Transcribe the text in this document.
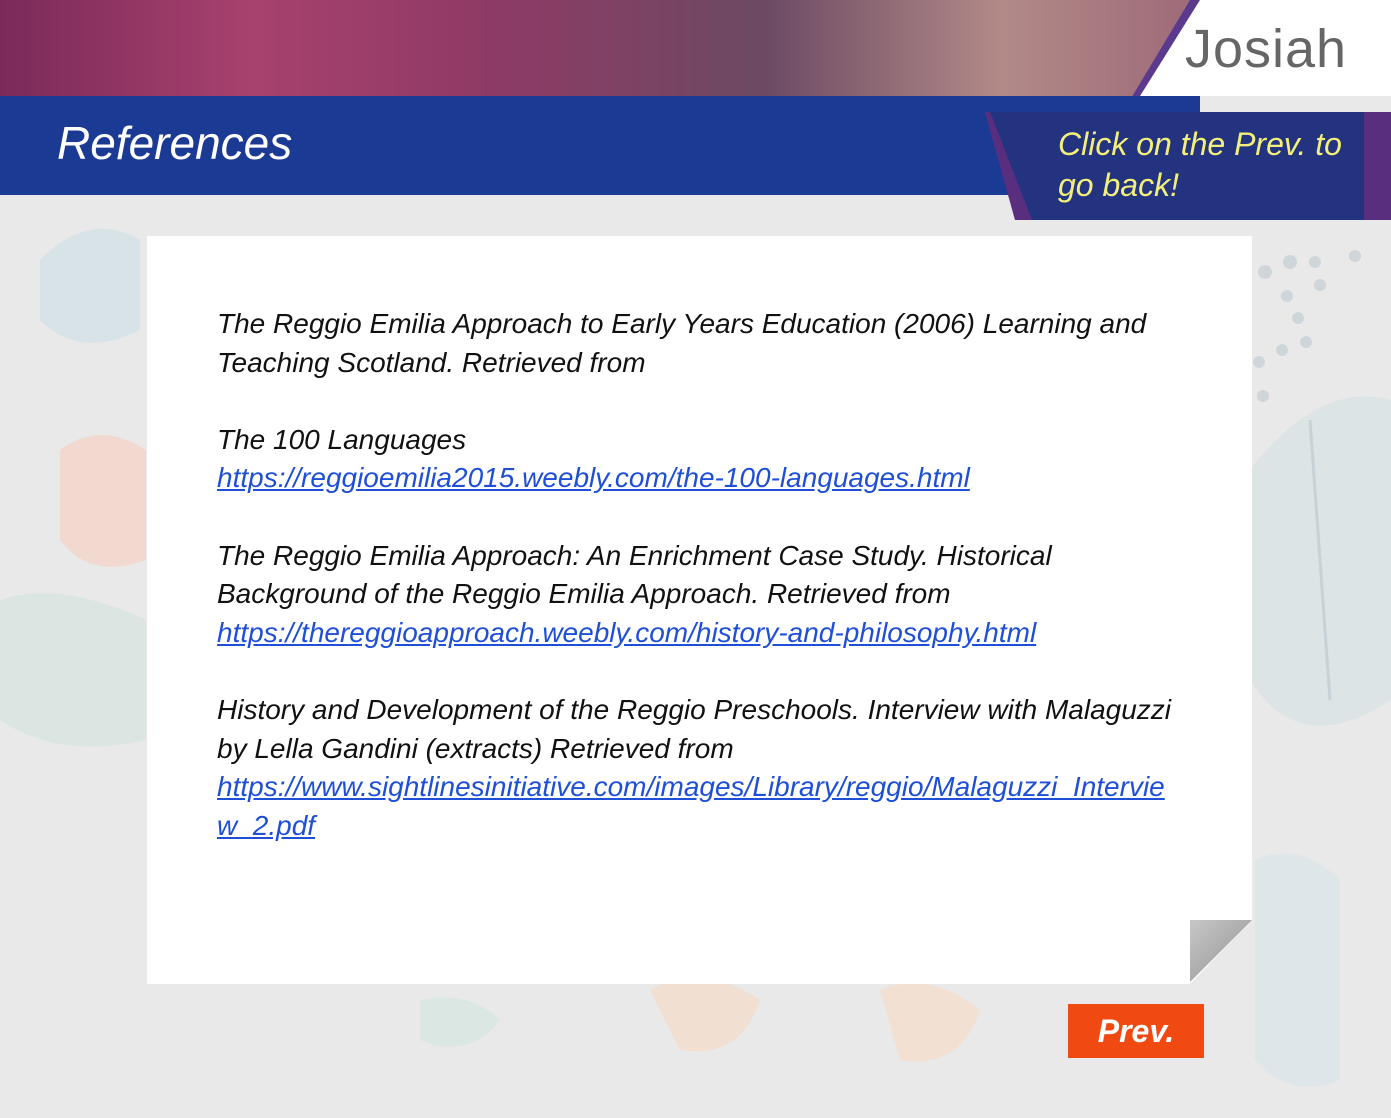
Josiah
References	Click on the Prev. to go back!

The Reggio Emilia Approach to Early Years Education (2006) Learning and Teaching Scotland. Retrieved from

The 100 Languages
https://reggioemilia2015.weebly.com/the-100-languages.html

The Reggio Emilia Approach: An Enrichment Case Study. Historical Background of the Reggio Emilia Approach. Retrieved from
https://thereggioapproach.weebly.com/history-and-philosophy.html

History and Development of the Reggio Preschools. Interview with Malaguzzi by Lella Gandini (extracts) Retrieved from
https://www.sightlinesinitiative.com/images/Library/reggio/Malaguzzi_Interview_2.pdf

Prev.
